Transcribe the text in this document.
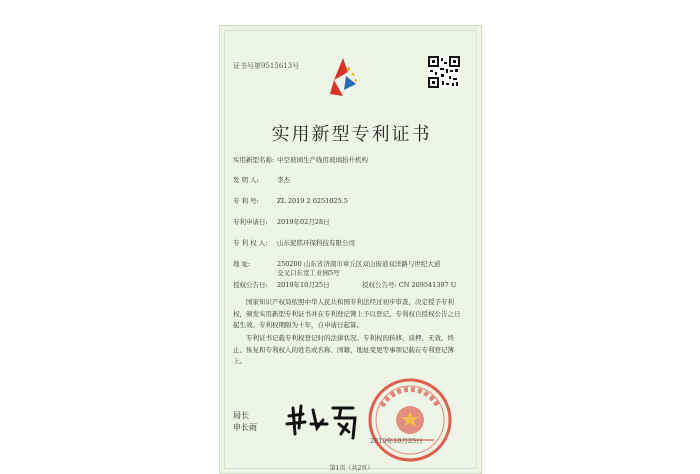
证书号第9515613号
实用新型专利证书
实用新型名称: 中空玻璃生产线用玻璃抬升机构
发 明 人:	李杰
专 利 号:	ZL 2019 2 0251025.5
专利申请日: 2019年02月28日
专 利 权 人: 山东泥铭环保科技有限公司
地 址:	250200 山东省济南市章丘区双山街道双洋路与世纪大道
交叉口东堂工业园5号
授权公告日: 2019年10月25日	授权公告号: CN 209541397 U
国家知识产权局依照中华人民共和国专利法经过初步审查，决定授予专利权，颁发实用新型专利证书并在专利登记簿上予以登记。专利权自授权公告之日起生效。专利权期限为十年，自申请日起算。
专利证书记载专利权登记时的法律状况。专利权的转移、质押、无效、终止、恢复和专利权人的姓名或名称、国籍、地址变更等事项记载在专利登记簿上。
局长
申长雨
2019年10月25日
第1页（共2页）
